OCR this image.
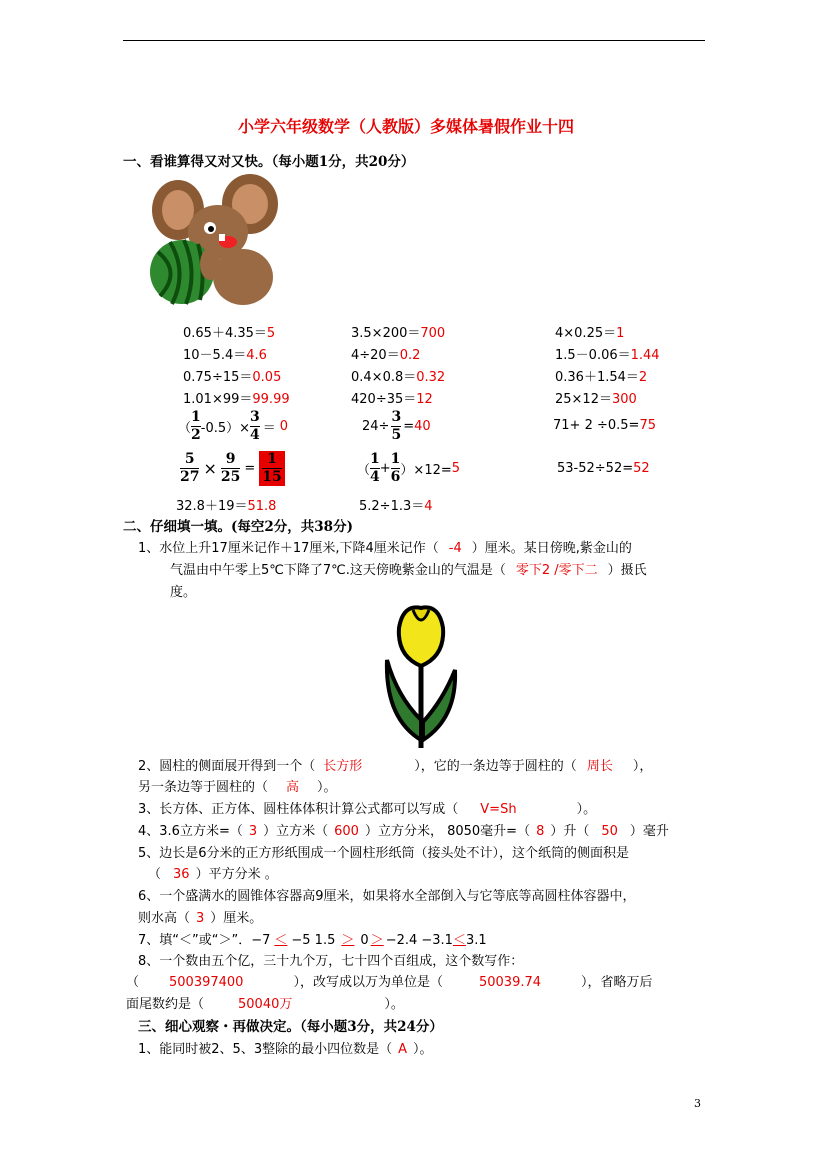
小学六年级数学（人教版）多媒体暑假作业十四
一、看谁算得又对又快。（每小题1分，共20分）
0.65＋4.35＝5	3.5×200＝700	4×0.25＝1
10－5.4＝4.6	4÷20＝0.2	1.5－0.06＝1.44
0.75÷15＝0.05	0.4×0.8＝0.32	0.36＋1.54＝2
1.01×99＝99.99	420÷35＝12	25×12＝300
（ $\frac{1}{2} -0.5)\times \frac{3}{4} = 0$	$24\div \frac{3}{5} = 40$	71+ 2 ÷0.5=75
$\frac{5}{27} \times \frac{9}{25} = \frac{1}{15}$	（ $\frac{1}{4} + \frac{1}{6} )\times 12= 5$	53-52÷52=52
32.8＋19＝51.8	5.2÷1.3＝4
二、仔细填一填。(每空2分，共38分)
1、水位上升17厘米记作＋17厘米,下降4厘米记作（ -4 ）厘米。某日傍晚,紫金山的
气温由中午零上5℃下降了7℃.这天傍晚紫金山的气温是（ 零下2 /零下二 ）摄氏
度。
2、圆柱的侧面展开得到一个（ 长方形	），它的一条边等于圆柱的（ 周长 ），
另一条边等于圆柱的（ 高 ）。
3、长方体、正方体、圆柱体体积计算公式都可以写成（ V=Sh	）。
4、3.6立方米=（ 3 ）立方米（ 600 ）立方分米， 8050毫升=（ 8 ）升（ 50 ）毫升
5、边长是6分米的正方形纸围成一个圆柱形纸筒（接头处不计），这个纸筒的侧面积是
（ 36 ）平方分米 。
6、一个盛满水的圆锥体容器高9厘米，如果将水全部倒入与它等底等高圆柱体容器中，
则水高（ 3 ）厘米。
7、填“＜”或“＞”．−7 ＜ −5 1.5 ＞ 0 ＞ −2.4 −3.1＜3.1
8、一个数由五个亿，三十九个万，七十四个百组成，这个数写作：
（ 500397400	），改写成以万为单位是（	50039.74	），省略万后
面尾数约是（	50040万	）。
三、细心观察・再做决定。（每小题3分，共24分）
1、能同时被2、5、3整除的最小四位数是（ A ）。
3
